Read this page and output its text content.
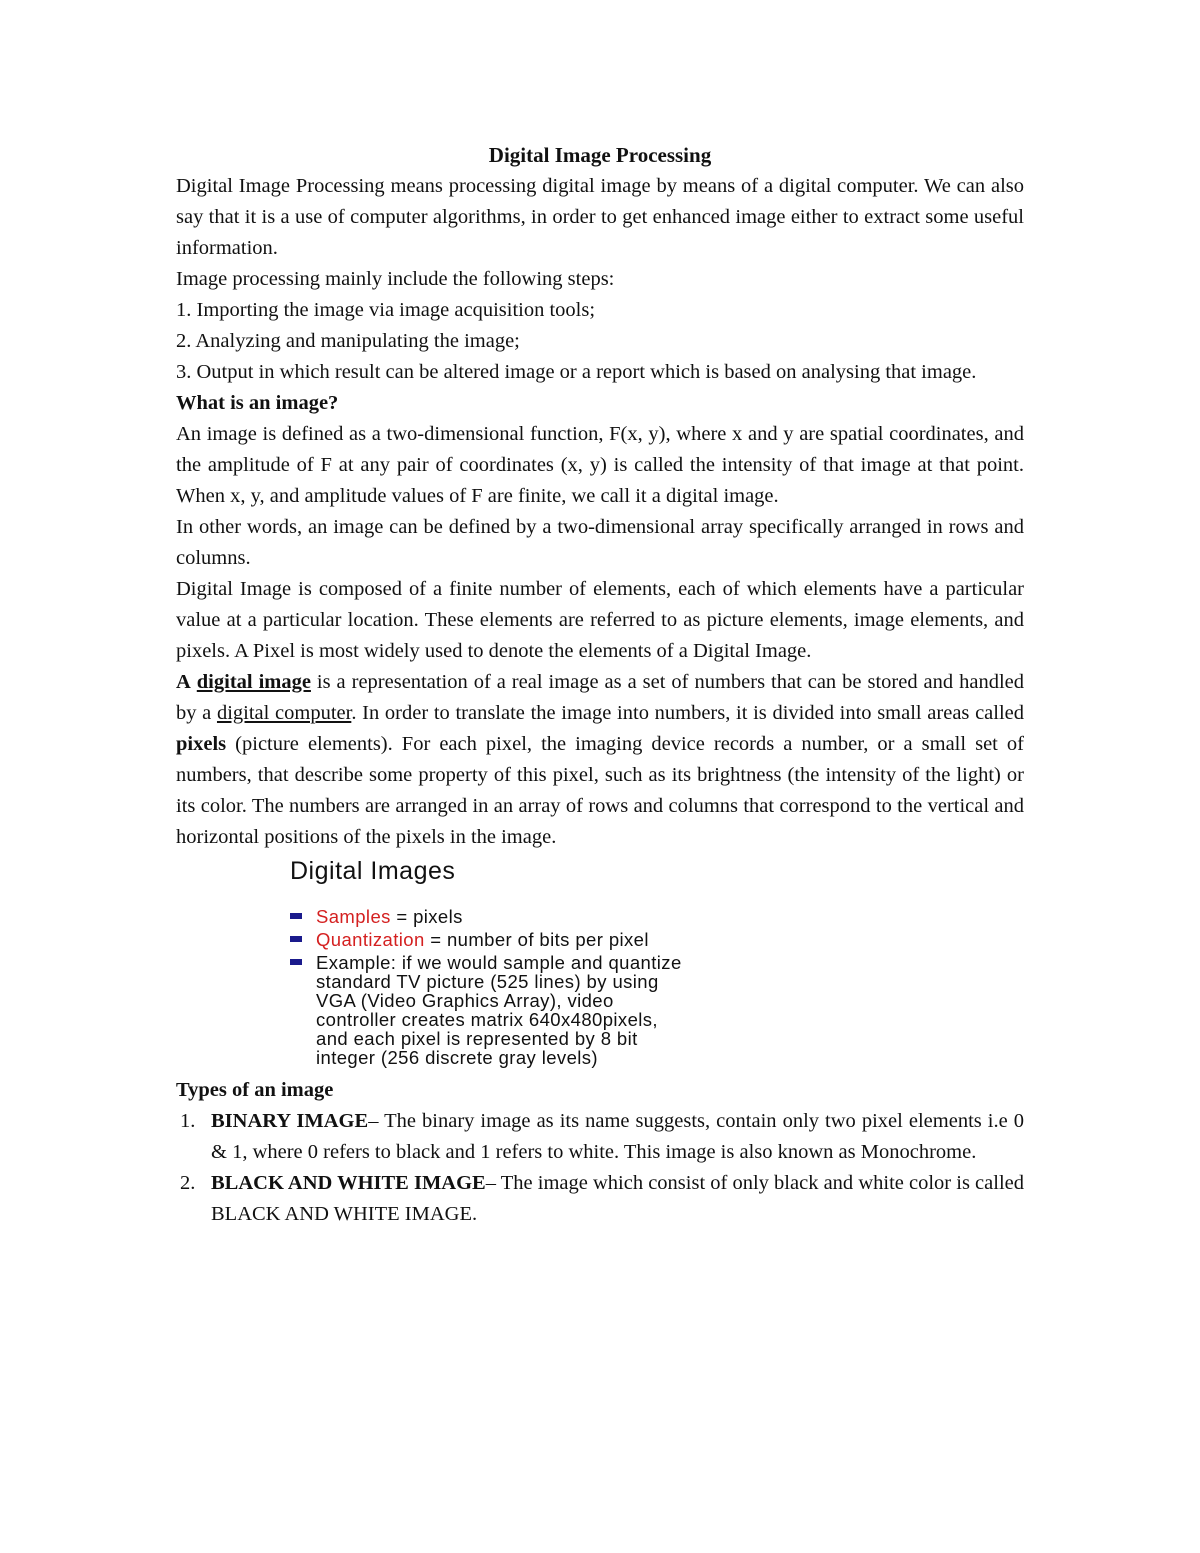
Digital Image Processing

Digital Image Processing means processing digital image by means of a digital computer. We can also say that it is a use of computer algorithms, in order to get enhanced image either to extract some useful information.

Image processing mainly include the following steps:

1. Importing the image via image acquisition tools;

2. Analyzing and manipulating the image;

3. Output in which result can be altered image or a report which is based on analysing that image.

What is an image?

An image is defined as a two-dimensional function, F(x, y), where x and y are spatial coordinates, and the amplitude of F at any pair of coordinates (x, y) is called the intensity of that image at that point. When x, y, and amplitude values of F are finite, we call it a digital image.

In other words, an image can be defined by a two-dimensional array specifically arranged in rows and columns.

Digital Image is composed of a finite number of elements, each of which elements have a particular value at a particular location. These elements are referred to as picture elements, image elements, and pixels. A Pixel is most widely used to denote the elements of a Digital Image.

A digital image is a representation of a real image as a set of numbers that can be stored and handled by a digital computer. In order to translate the image into numbers, it is divided into small areas called pixels (picture elements). For each pixel, the imaging device records a number, or a small set of numbers, that describe some property of this pixel, such as its brightness (the intensity of the light) or its color. The numbers are arranged in an array of rows and columns that correspond to the vertical and horizontal positions of the pixels in the image.

Digital Images
Samples = pixels
Quantization = number of bits per pixel
Example: if we would sample and quantize
standard TV picture (525 lines) by using
VGA (Video Graphics Array), video
controller creates matrix 640x480pixels,
and each pixel is represented by 8 bit
integer (256 discrete gray levels)

Types of an image

1. BINARY IMAGE– The binary image as its name suggests, contain only two pixel elements i.e 0 & 1, where 0 refers to black and 1 refers to white. This image is also known as Monochrome.
2. BLACK AND WHITE IMAGE– The image which consist of only black and white color is called BLACK AND WHITE IMAGE.
